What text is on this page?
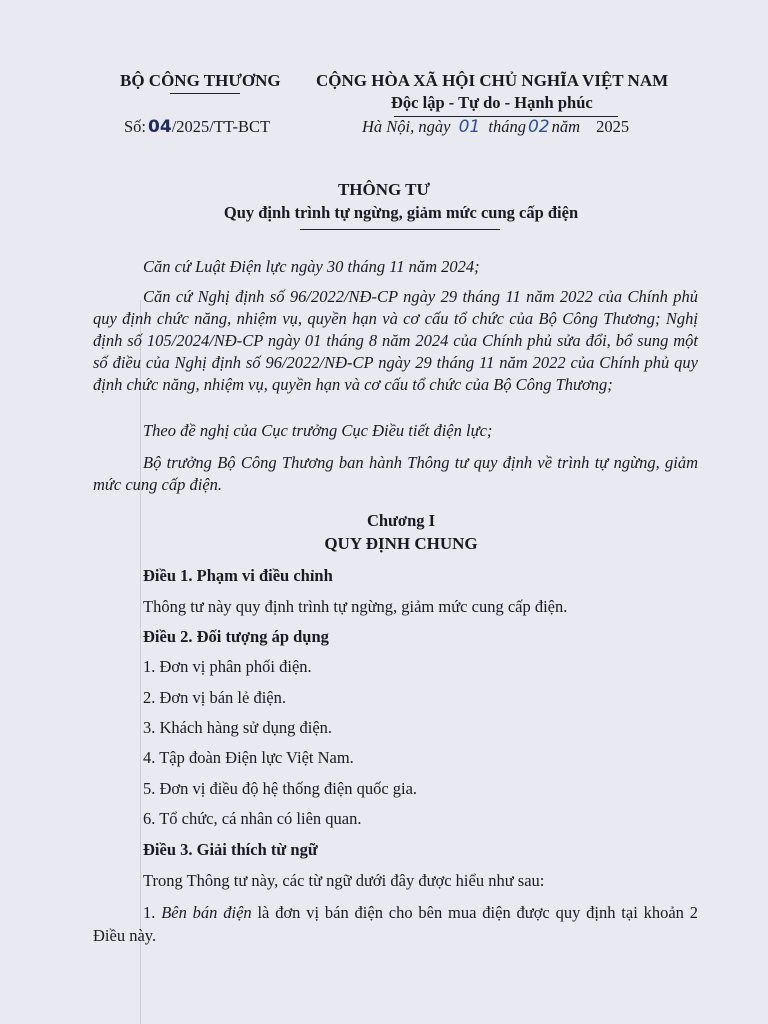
BỘ CÔNG THƯƠNG CỘNG HÒA XÃ HỘI CHỦ NGHĨA VIỆT NAM
Độc lập - Tự do - Hạnh phúc
Số: 04/2025/TT-BCT	Hà Nội, ngày 01 tháng 02 năm 2025
THÔNG TƯ
Quy định trình tự ngừng, giảm mức cung cấp điện
Căn cứ Luật Điện lực ngày 30 tháng 11 năm 2024;
Căn cứ Nghị định số 96/2022/NĐ-CP ngày 29 tháng 11 năm 2022 của Chính phủ quy định chức năng, nhiệm vụ, quyền hạn và cơ cấu tổ chức của Bộ Công Thương; Nghị định số 105/2024/NĐ-CP ngày 01 tháng 8 năm 2024 của Chính phủ sửa đổi, bổ sung một số điều của Nghị định số 96/2022/NĐ-CP ngày 29 tháng 11 năm 2022 của Chính phủ quy định chức năng, nhiệm vụ, quyền hạn và cơ cấu tổ chức của Bộ Công Thương;
Theo đề nghị của Cục trưởng Cục Điều tiết điện lực;
Bộ trưởng Bộ Công Thương ban hành Thông tư quy định về trình tự ngừng, giảm mức cung cấp điện.
Chương I
QUY ĐỊNH CHUNG
Điều 1. Phạm vi điều chỉnh
Thông tư này quy định trình tự ngừng, giảm mức cung cấp điện.
Điều 2. Đối tượng áp dụng
1. Đơn vị phân phối điện.
2. Đơn vị bán lẻ điện.
3. Khách hàng sử dụng điện.
4. Tập đoàn Điện lực Việt Nam.
5. Đơn vị điều độ hệ thống điện quốc gia.
6. Tổ chức, cá nhân có liên quan.
Điều 3. Giải thích từ ngữ
Trong Thông tư này, các từ ngữ dưới đây được hiểu như sau:
1. Bên bán điện là đơn vị bán điện cho bên mua điện được quy định tại khoản 2 Điều này.
